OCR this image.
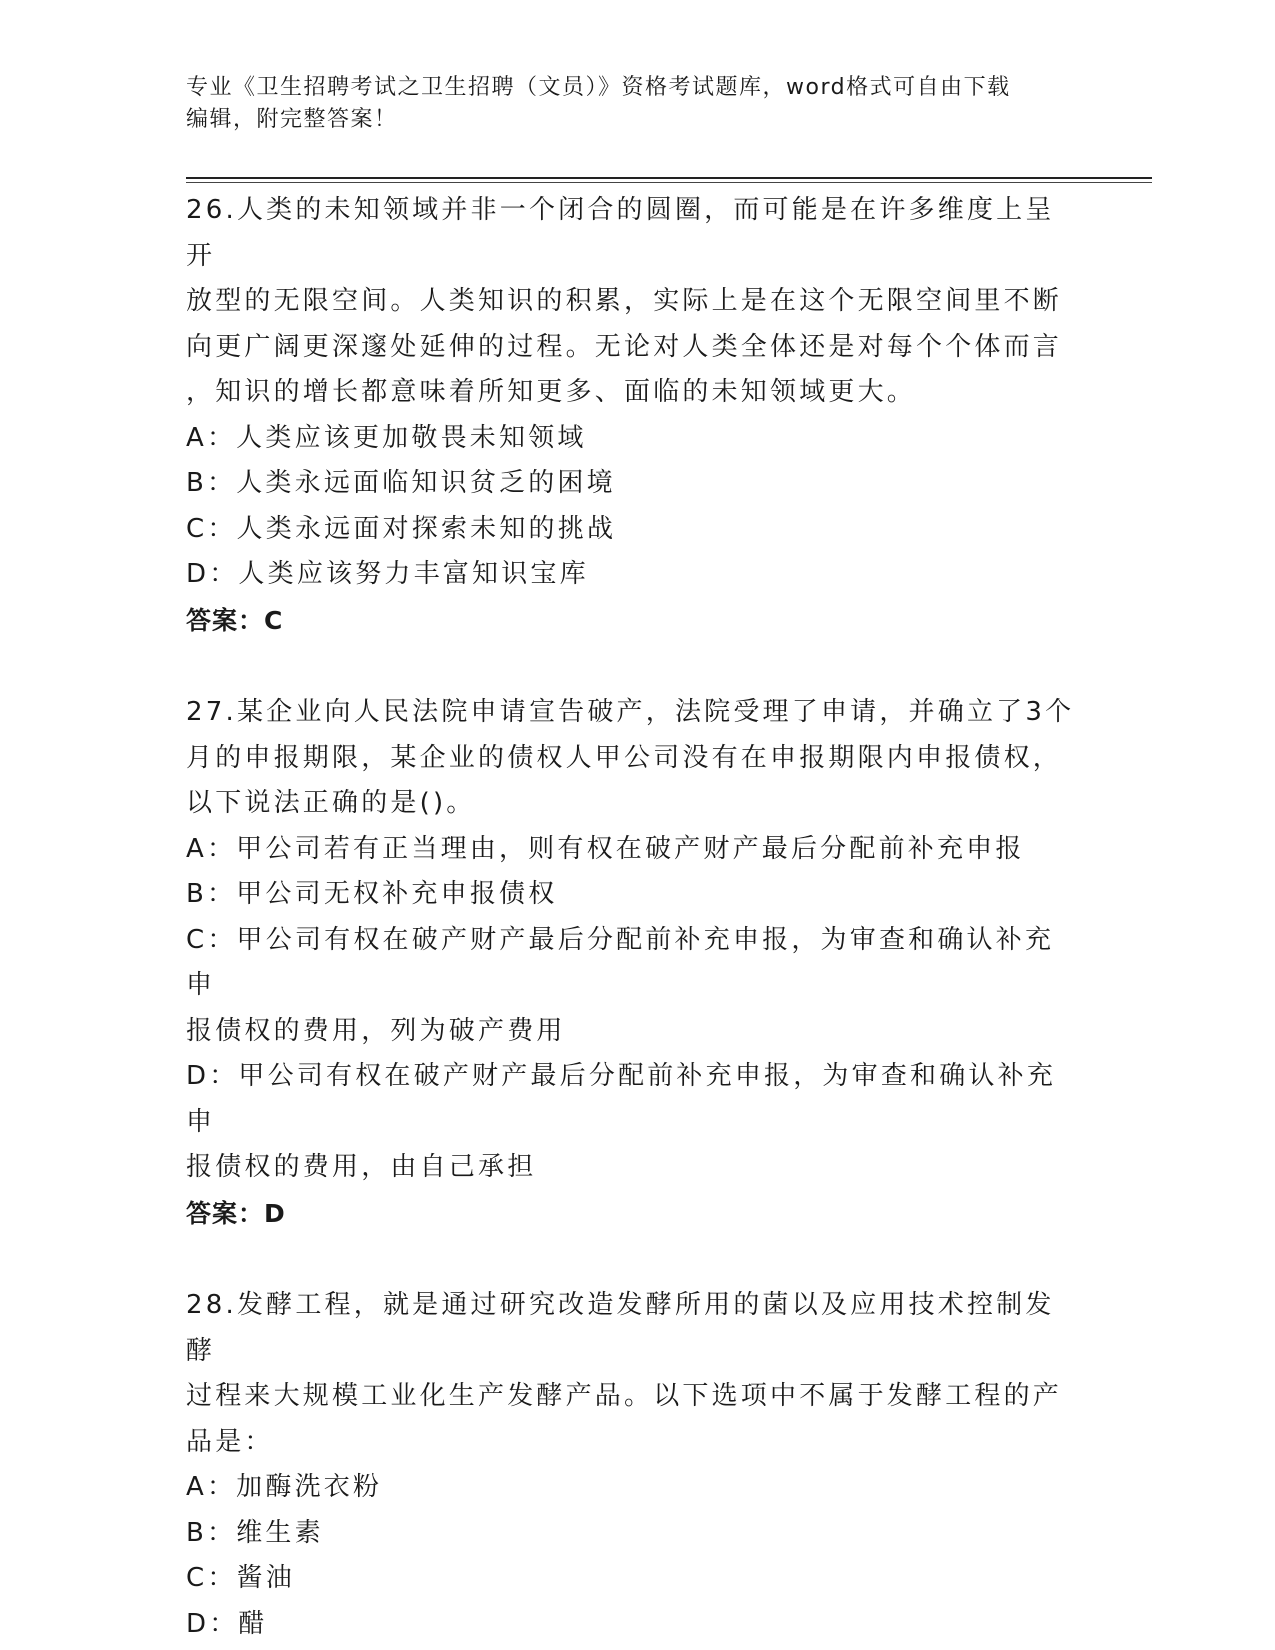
专业《卫生招聘考试之卫生招聘（文员）》资格考试题库，word格式可自由下载
编辑，附完整答案！

26.人类的未知领域并非一个闭合的圆圈，而可能是在许多维度上呈开

放型的无限空间。人类知识的积累，实际上是在这个无限空间里不断

向更广阔更深邃处延伸的过程。无论对人类全体还是对每个个体而言

，知识的增长都意味着所知更多、面临的未知领域更大。

A：人类应该更加敬畏未知领域

B：人类永远面临知识贫乏的困境

C：人类永远面对探索未知的挑战

D：人类应该努力丰富知识宝库

答案：C

27.某企业向人民法院申请宣告破产，法院受理了申请，并确立了3个

月的申报期限，某企业的债权人甲公司没有在申报期限内申报债权，

以下说法正确的是()。

A：甲公司若有正当理由，则有权在破产财产最后分配前补充申报

B：甲公司无权补充申报债权

C：甲公司有权在破产财产最后分配前补充申报，为审查和确认补充申

报债权的费用，列为破产费用

D：甲公司有权在破产财产最后分配前补充申报，为审查和确认补充申

报债权的费用，由自己承担

答案：D

28.发酵工程，就是通过研究改造发酵所用的菌以及应用技术控制发酵

过程来大规模工业化生产发酵产品。以下选项中不属于发酵工程的产

品是：

A：加酶洗衣粉

B：维生素

C：酱油

D：醋
